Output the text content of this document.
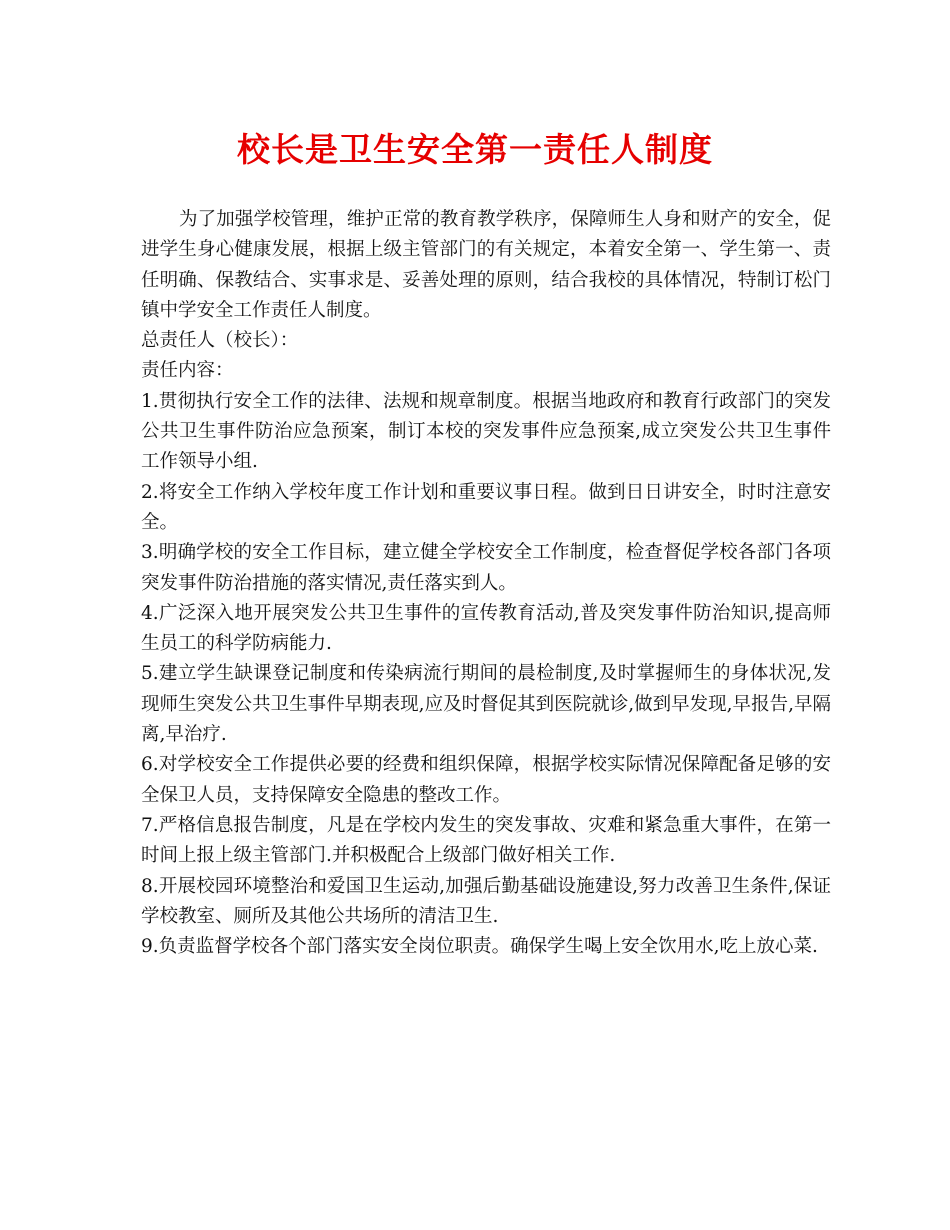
校长是卫生安全第一责任人制度

为了加强学校管理，维护正常的教育教学秩序，保障师生人身和财产的安全，促进学生身心健康发展，根据上级主管部门的有关规定，本着安全第一、学生第一、责任明确、保教结合、实事求是、妥善处理的原则，结合我校的具体情况，特制订松门镇中学安全工作责任人制度。

总责任人（校长）：

责任内容：

1.贯彻执行安全工作的法律、法规和规章制度。根据当地政府和教育行政部门的突发公共卫生事件防治应急预案，制订本校的突发事件应急预案,成立突发公共卫生事件工作领导小组.

2.将安全工作纳入学校年度工作计划和重要议事日程。做到日日讲安全，时时注意安全。

3.明确学校的安全工作目标，建立健全学校安全工作制度，检查督促学校各部门各项突发事件防治措施的落实情况,责任落实到人。

4.广泛深入地开展突发公共卫生事件的宣传教育活动,普及突发事件防治知识,提高师生员工的科学防病能力.

5.建立学生缺课登记制度和传染病流行期间的晨检制度,及时掌握师生的身体状况,发现师生突发公共卫生事件早期表现,应及时督促其到医院就诊,做到早发现,早报告,早隔离,早治疗.

6.对学校安全工作提供必要的经费和组织保障，根据学校实际情况保障配备足够的安全保卫人员，支持保障安全隐患的整改工作。

7.严格信息报告制度，凡是在学校内发生的突发事故、灾难和紧急重大事件，在第一时间上报上级主管部门.并积极配合上级部门做好相关工作.

8.开展校园环境整治和爱国卫生运动,加强后勤基础设施建设,努力改善卫生条件,保证学校教室、厕所及其他公共场所的清洁卫生.

9.负责监督学校各个部门落实安全岗位职责。确保学生喝上安全饮用水,吃上放心菜.
